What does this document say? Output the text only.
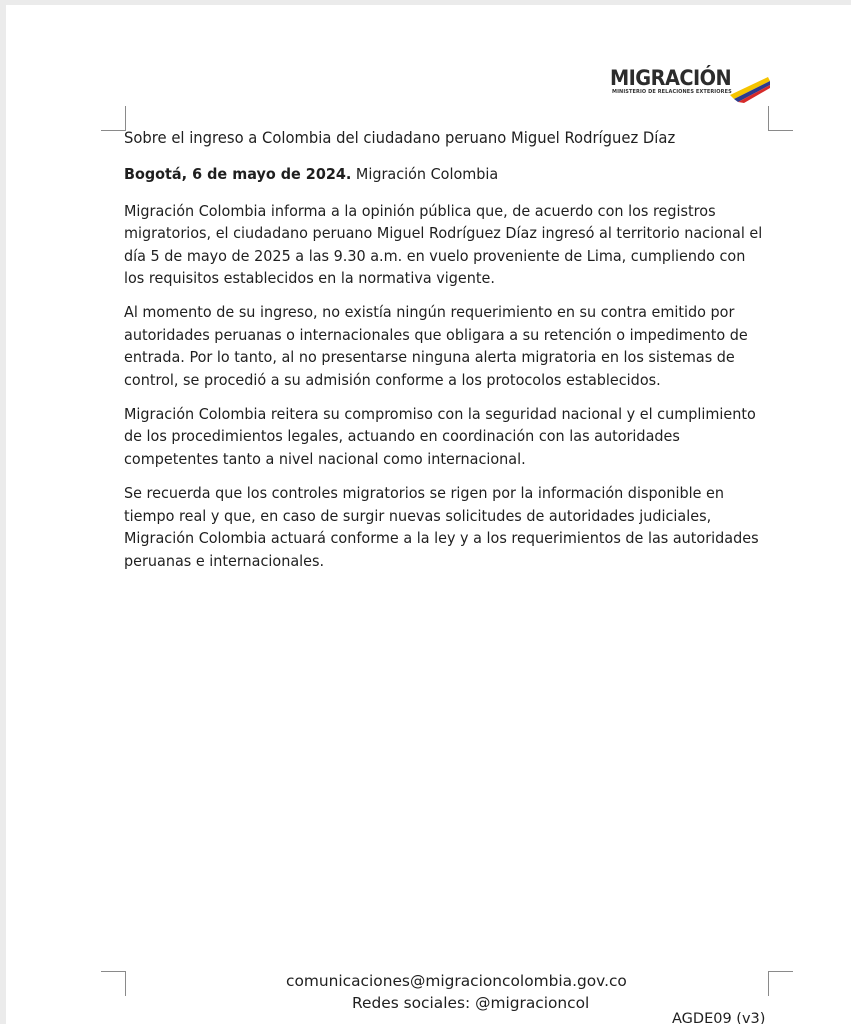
MIGRACIÓN
MINISTERIO DE RELACIONES EXTERIORES

Sobre el ingreso a Colombia del ciudadano peruano Miguel Rodríguez Díaz

Bogotá, 6 de mayo de 2024. Migración Colombia

Migración Colombia informa a la opinión pública que, de acuerdo con los registros migratorios, el ciudadano peruano Miguel Rodríguez Díaz ingresó al territorio nacional el día 5 de mayo de 2025 a las 9.30 a.m. en vuelo proveniente de Lima, cumpliendo con los requisitos establecidos en la normativa vigente.

Al momento de su ingreso, no existía ningún requerimiento en su contra emitido por autoridades peruanas o internacionales que obligara a su retención o impedimento de entrada. Por lo tanto, al no presentarse ninguna alerta migratoria en los sistemas de control, se procedió a su admisión conforme a los protocolos establecidos.

Migración Colombia reitera su compromiso con la seguridad nacional y el cumplimiento de los procedimientos legales, actuando en coordinación con las autoridades competentes tanto a nivel nacional como internacional.

Se recuerda que los controles migratorios se rigen por la información disponible en tiempo real y que, en caso de surgir nuevas solicitudes de autoridades judiciales, Migración Colombia actuará conforme a la ley y a los requerimientos de las autoridades peruanas e internacionales.

comunicaciones@migracioncolombia.gov.co
Redes sociales: @migracioncol
AGDE09 (v3)
